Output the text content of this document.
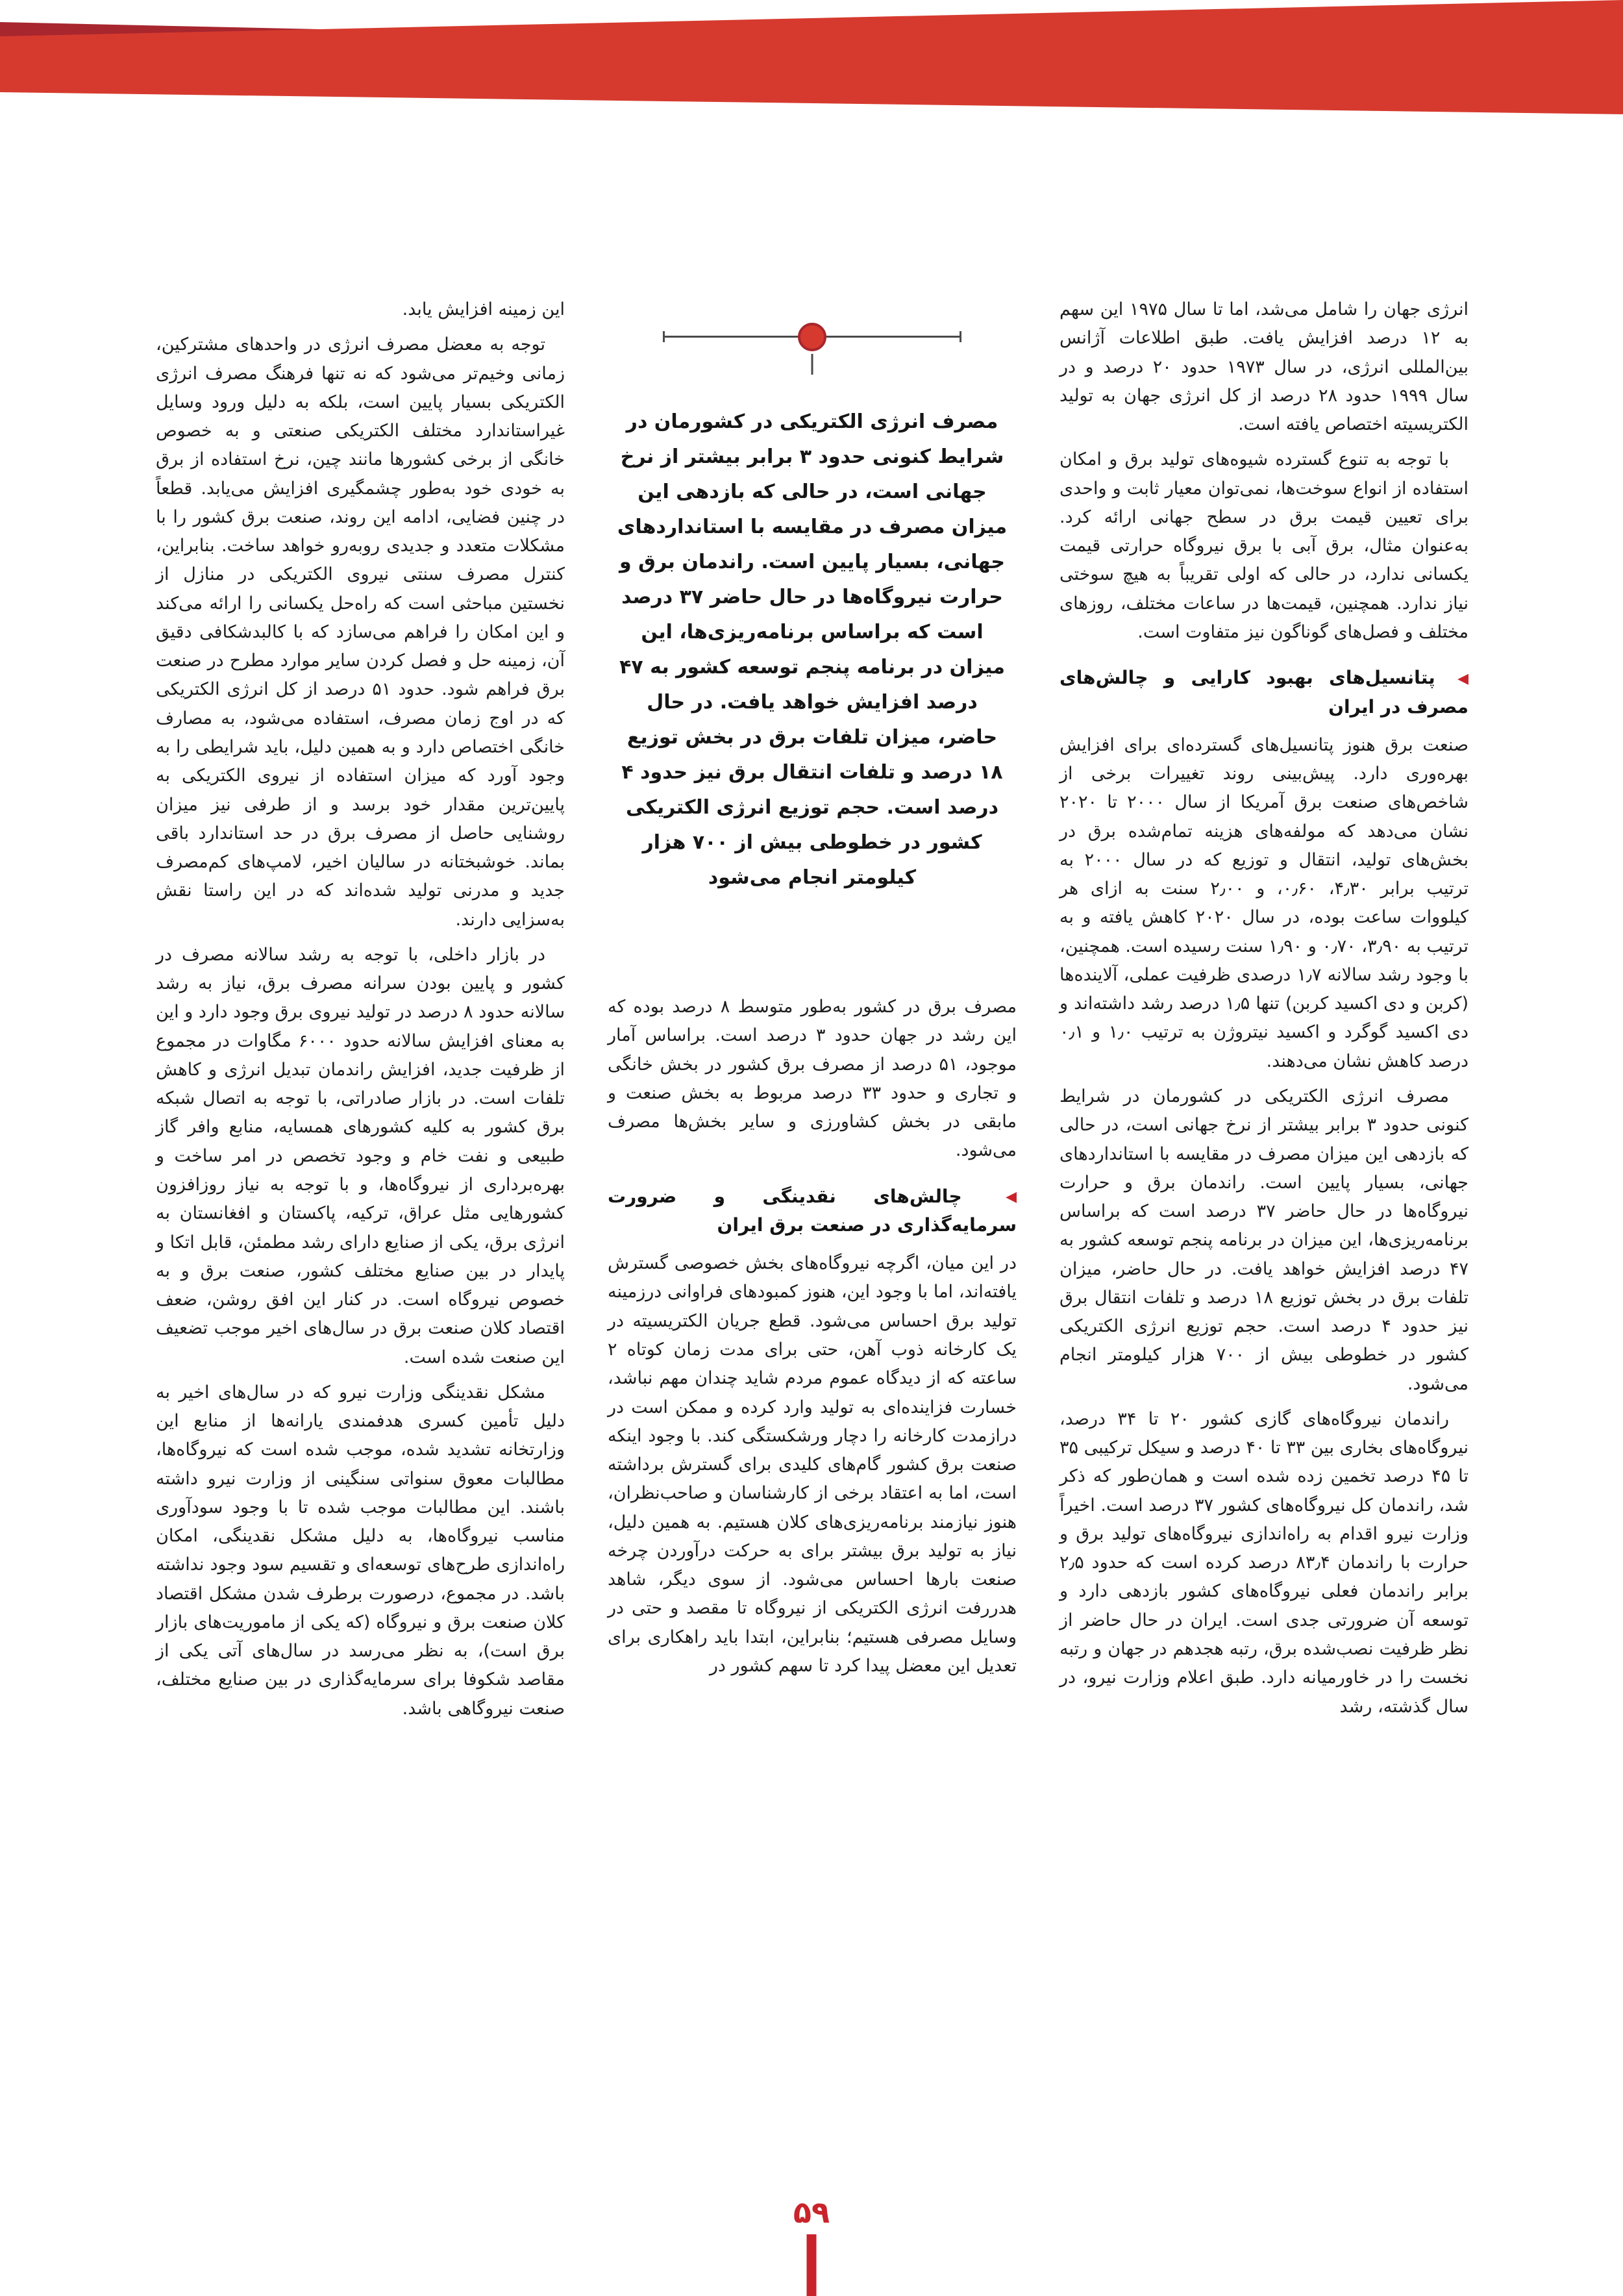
انرژی جهان را شامل می‌شد، اما تا سال ۱۹۷۵ این سهم به ۱۲ درصد افزایش یافت. طبق اطلاعات آژانس بین‌المللی انرژی، در سال ۱۹۷۳ حدود ۲۰ درصد و در سال ۱۹۹۹ حدود ۲۸ درصد از کل انرژی جهان به تولید الکتریسیته اختصاص یافته است.

با توجه به تنوع گسترده شیوه‌های تولید برق و امکان استفاده از انواع سوخت‌ها، نمی‌توان معیار ثابت و واحدی برای تعیین قیمت برق در سطح جهانی ارائه کرد. به‌عنوان مثال، برق آبی با برق نیروگاه حرارتی قیمت یکسانی ندارد، در حالی که اولی تقریباً به هیچ سوختی نیاز ندارد. همچنین، قیمت‌ها در ساعات مختلف، روزهای مختلف و فصل‌های گوناگون نیز متفاوت است.

◀ پتانسیل‌های بهبود کارایی و چالش‌های مصرف در ایران

صنعت برق هنوز پتانسیل‌های گسترده‌ای برای افزایش بهره‌وری دارد. پیش‌بینی روند تغییرات برخی از شاخص‌های صنعت برق آمریکا از سال ۲۰۰۰ تا ۲۰۲۰ نشان می‌دهد که مولفه‌های هزینه تمام‌شده برق در بخش‌های تولید، انتقال و توزیع که در سال ۲۰۰۰ به ترتیب برابر ۴٫۳۰، ۰٫۶۰، و ۲٫۰۰ سنت به ازای هر کیلووات ساعت بوده، در سال ۲۰۲۰ کاهش یافته و به ترتیب به ۳٫۹۰، ۰٫۷۰ و ۱٫۹۰ سنت رسیده است. همچنین، با وجود رشد سالانه ۱٫۷ درصدی ظرفیت عملی، آلاینده‌ها (کربن و دی اکسید کربن) تنها ۱٫۵ درصد رشد داشته‌اند و دی اکسید گوگرد و اکسید نیتروژن به ترتیب ۱٫۰ و ۰٫۱ درصد کاهش نشان می‌دهند.

مصرف انرژی الکتریکی در کشورمان در شرایط کنونی حدود ۳ برابر بیشتر از نرخ جهانی است، در حالی که بازدهی این میزان مصرف در مقایسه با استانداردهای جهانی، بسیار پایین است. راندمان برق و حرارت نیروگاه‌ها در حال حاضر ۳۷ درصد است که براساس برنامه‌ریزی‌ها، این میزان در برنامه پنجم توسعه کشور به ۴۷ درصد افزایش خواهد یافت. در حال حاضر، میزان تلفات برق در بخش توزیع ۱۸ درصد و تلفات انتقال برق نیز حدود ۴ درصد است. حجم توزیع انرژی الکتریکی کشور در خطوطی بیش از ۷۰۰ هزار کیلومتر انجام می‌شود.

راندمان نیروگاه‌های گازی کشور ۲۰ تا ۳۴ درصد، نیروگاه‌های بخاری بین ۳۳ تا ۴۰ درصد و سیکل ترکیبی ۳۵ تا ۴۵ درصد تخمین زده شده است و همان‌طور که ذکر شد، راندمان کل نیروگاه‌های کشور ۳۷ درصد است. اخیراً وزارت نیرو اقدام به راه‌اندازی نیروگاه‌های تولید برق و حرارت با راندمان ۸۳٫۴ درصد کرده است که حدود ۲٫۵ برابر راندمان فعلی نیروگاه‌های کشور بازدهی دارد و توسعه آن ضرورتی جدی است. ایران در حال حاضر از نظر ظرفیت نصب‌شده برق، رتبه هجدهم در جهان و رتبه نخست را در خاورمیانه دارد. طبق اعلام وزارت نیرو، در سال گذشته، رشد

مصرف انرژی الکتریکی در کشورمان در شرایط کنونی حدود ۳ برابر بیشتر از نرخ جهانی است، در حالی که بازدهی این میزان مصرف در مقایسه با استانداردهای جهانی، بسیار پایین است. راندمان برق و حرارت نیروگاه‌ها در حال حاضر ۳۷ درصد است که براساس برنامه‌ریزی‌ها، این میزان در برنامه پنجم توسعه کشور به ۴۷ درصد افزایش خواهد یافت. در حال حاضر، میزان تلفات برق در بخش توزیع ۱۸ درصد و تلفات انتقال برق نیز حدود ۴ درصد است. حجم توزیع انرژی الکتریکی کشور در خطوطی بیش از ۷۰۰ هزار کیلومتر انجام می‌شود

مصرف برق در کشور به‌طور متوسط ۸ درصد بوده که این رشد در جهان حدود ۳ درصد است. براساس آمار موجود، ۵۱ درصد از مصرف برق کشور در بخش خانگی و تجاری و حدود ۳۳ درصد مربوط به بخش صنعت و مابقی در بخش کشاورزی و سایر بخش‌ها مصرف می‌شود.

◀ چالش‌های نقدینگی و ضرورت سرمایه‌گذاری در صنعت برق ایران

در این میان، اگرچه نیروگاه‌های بخش خصوصی گسترش یافته‌اند، اما با وجود این، هنوز کمبودهای فراوانی درزمینه تولید برق احساس می‌شود. قطع جریان الکتریسیته در یک کارخانه ذوب آهن، حتی برای مدت زمان کوتاه ۲ ساعته که از دیدگاه عموم مردم شاید چندان مهم نباشد، خسارت فزاینده‌ای به تولید وارد کرده و ممکن است در درازمدت کارخانه را دچار ورشکستگی کند. با وجود اینکه صنعت برق کشور گام‌های کلیدی برای گسترش برداشته است، اما به اعتقاد برخی از کارشناسان و صاحب‌نظران، هنوز نیازمند برنامه‌ریزی‌های کلان هستیم. به همین دلیل، نیاز به تولید برق بیشتر برای به حرکت درآوردن چرخه صنعت بارها احساس می‌شود. از سوی دیگر، شاهد هدررفت انرژی الکتریکی از نیروگاه تا مقصد و حتی در وسایل مصرفی هستیم؛ بنابراین، ابتدا باید راهکاری برای تعدیل این معضل پیدا کرد تا سهم کشور در

این زمینه افزایش یابد.

توجه به معضل مصرف انرژی در واحدهای مشترکین، زمانی وخیم‌تر می‌شود که نه تنها فرهنگ مصرف انرژی الکتریکی بسیار پایین است، بلکه به دلیل ورود وسایل غیراستاندارد مختلف الکتریکی صنعتی و به خصوص خانگی از برخی کشورها مانند چین، نرخ استفاده از برق به خودی خود به‌طور چشمگیری افزایش می‌یابد. قطعاً در چنین فضایی، ادامه این روند، صنعت برق کشور را با مشکلات متعدد و جدیدی روبه‌رو خواهد ساخت. بنابراین، کنترل مصرف سنتی نیروی الکتریکی در منازل از نخستین مباحثی است که راه‌حل یکسانی را ارائه می‌کند و این امکان را فراهم می‌سازد که با کالبدشکافی دقیق آن، زمینه حل و فصل کردن سایر موارد مطرح در صنعت برق فراهم شود. حدود ۵۱ درصد از کل انرژی الکتریکی که در اوج زمان مصرف، استفاده می‌شود، به مصارف خانگی اختصاص دارد و به همین دلیل، باید شرایطی را به وجود آورد که میزان استفاده از نیروی الکتریکی به پایین‌ترین مقدار خود برسد و از طرفی نیز میزان روشنایی حاصل از مصرف برق در حد استاندارد باقی بماند. خوشبختانه در سالیان اخیر، لامپ‌های کم‌مصرف جدید و مدرنی تولید شده‌اند که در این راستا نقش به‌سزایی دارند.

در بازار داخلی، با توجه به رشد سالانه مصرف در کشور و پایین بودن سرانه مصرف برق، نیاز به رشد سالانه حدود ۸ درصد در تولید نیروی برق وجود دارد و این به معنای افزایش سالانه حدود ۶۰۰۰ مگاوات در مجموع از ظرفیت جدید، افزایش راندمان تبدیل انرژی و کاهش تلفات است. در بازار صادراتی، با توجه به اتصال شبکه برق کشور به کلیه کشورهای همسایه، منابع وافر گاز طبیعی و نفت خام و وجود تخصص در امر ساخت و بهره‌برداری از نیروگاه‌ها، و با توجه به نیاز روزافزون کشورهایی مثل عراق، ترکیه، پاکستان و افغانستان به انرژی برق، یکی از صنایع دارای رشد مطمئن، قابل اتکا و پایدار در بین صنایع مختلف کشور، صنعت برق و به خصوص نیروگاه است. در کنار این افق روشن، ضعف اقتصاد کلان صنعت برق در سال‌های اخیر موجب تضعیف این صنعت شده است.

مشکل نقدینگی وزارت نیرو که در سال‌های اخیر به دلیل تأمین کسری هدفمندی یارانه‌ها از منابع این وزارتخانه تشدید شده، موجب شده است که نیروگاه‌ها، مطالبات معوق سنواتی سنگینی از وزارت نیرو داشته باشند. این مطالبات موجب شده تا با وجود سودآوری مناسب نیروگاه‌ها، به دلیل مشکل نقدینگی، امکان راه‌اندازی طرح‌های توسعه‌ای و تقسیم سود وجود نداشته باشد. در مجموع، درصورت برطرف شدن مشکل اقتصاد کلان صنعت برق و نیروگاه (که یکی از ماموریت‌های بازار برق است)، به نظر می‌رسد در سال‌های آتی یکی از مقاصد شکوفا برای سرمایه‌گذاری در بین صنایع مختلف، صنعت نیروگاهی باشد.

۵۹
